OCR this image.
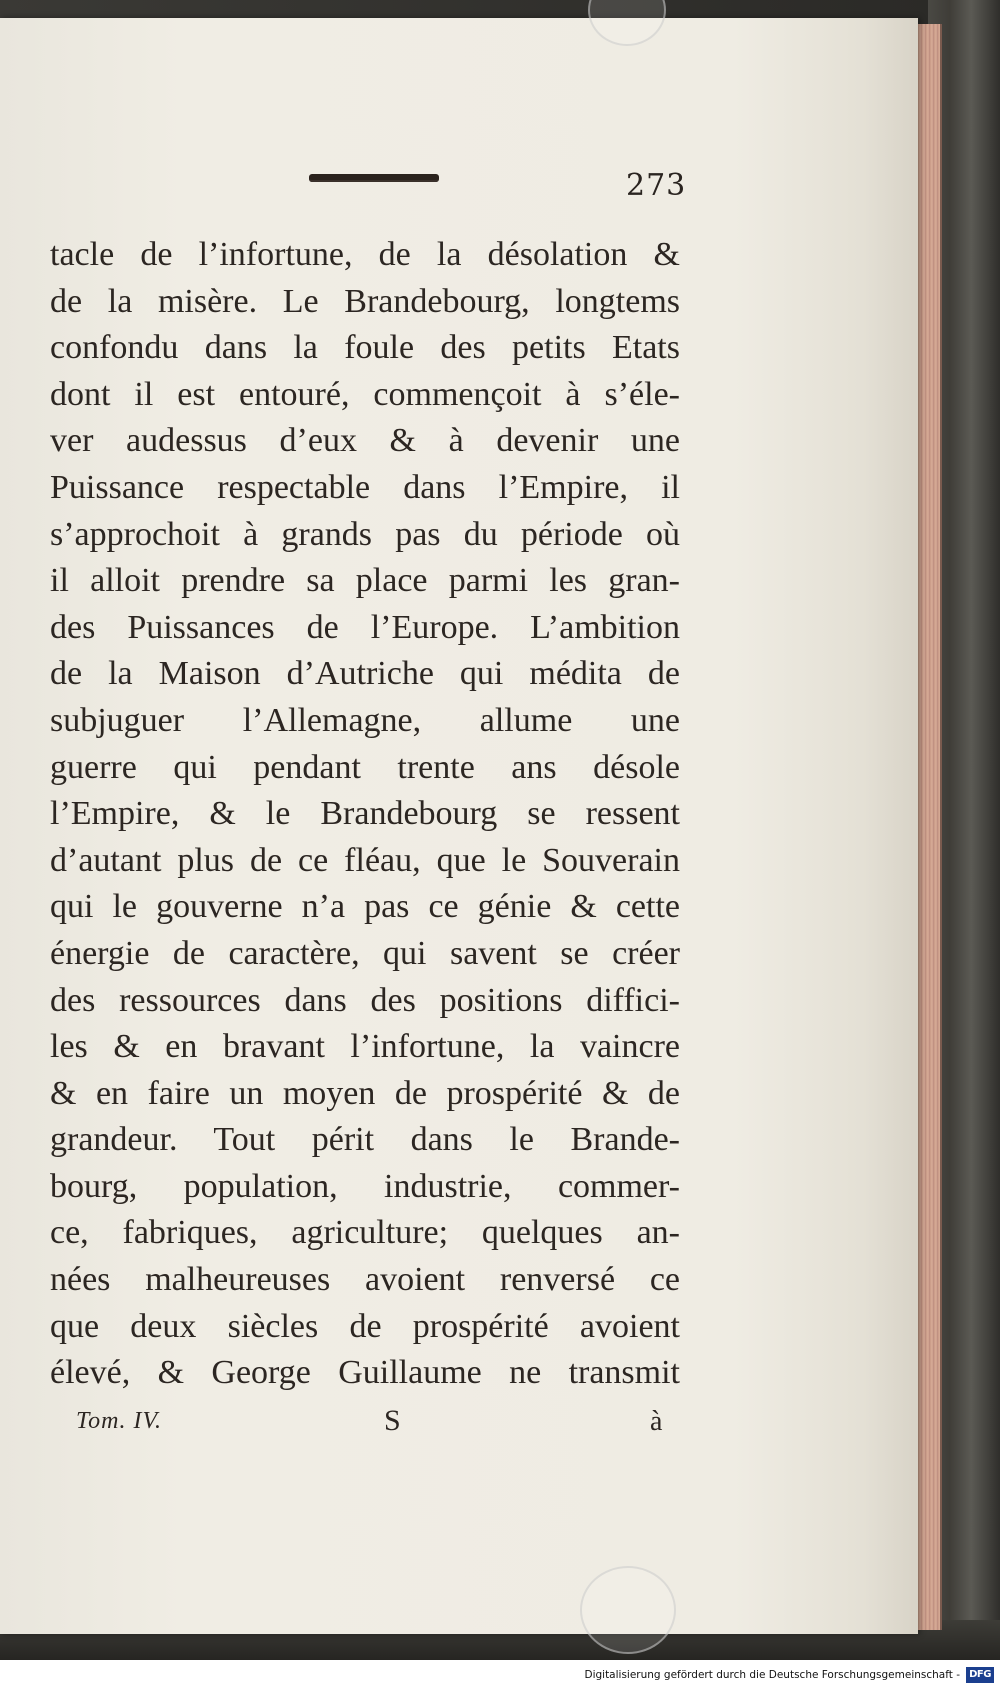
273
tacle de l’infortune, de la désolation &
de la misère. Le Brandebourg, longtems
confondu dans la foule des petits Etats
dont il est entouré, commençoit à s’éle-
ver audessus d’eux & à devenir une
Puissance respectable dans l’Empire, il
s’approchoit à grands pas du période où
il alloit prendre sa place parmi les gran-
des Puissances de l’Europe. L’ambition
de la Maison d’Autriche qui médita de
subjuguer l’Allemagne, allume une
guerre qui pendant trente ans désole
l’Empire, & le Brandebourg se ressent
d’autant plus de ce fléau, que le Souverain
qui le gouverne n’a pas ce génie & cette
énergie de caractère, qui savent se créer
des ressources dans des positions diffici-
les & en bravant l’infortune, la vaincre
& en faire un moyen de prospérité & de
grandeur. Tout périt dans le Brande-
bourg, population, industrie, commer-
ce, fabriques, agriculture; quelques an-
nées malheureuses avoient renversé ce
que deux siècles de prospérité avoient
élevé, & George Guillaume ne transmit
Tom. IV.	S	à
Digitalisierung gefördert durch die Deutsche Forschungsgemeinschaft - DFG
